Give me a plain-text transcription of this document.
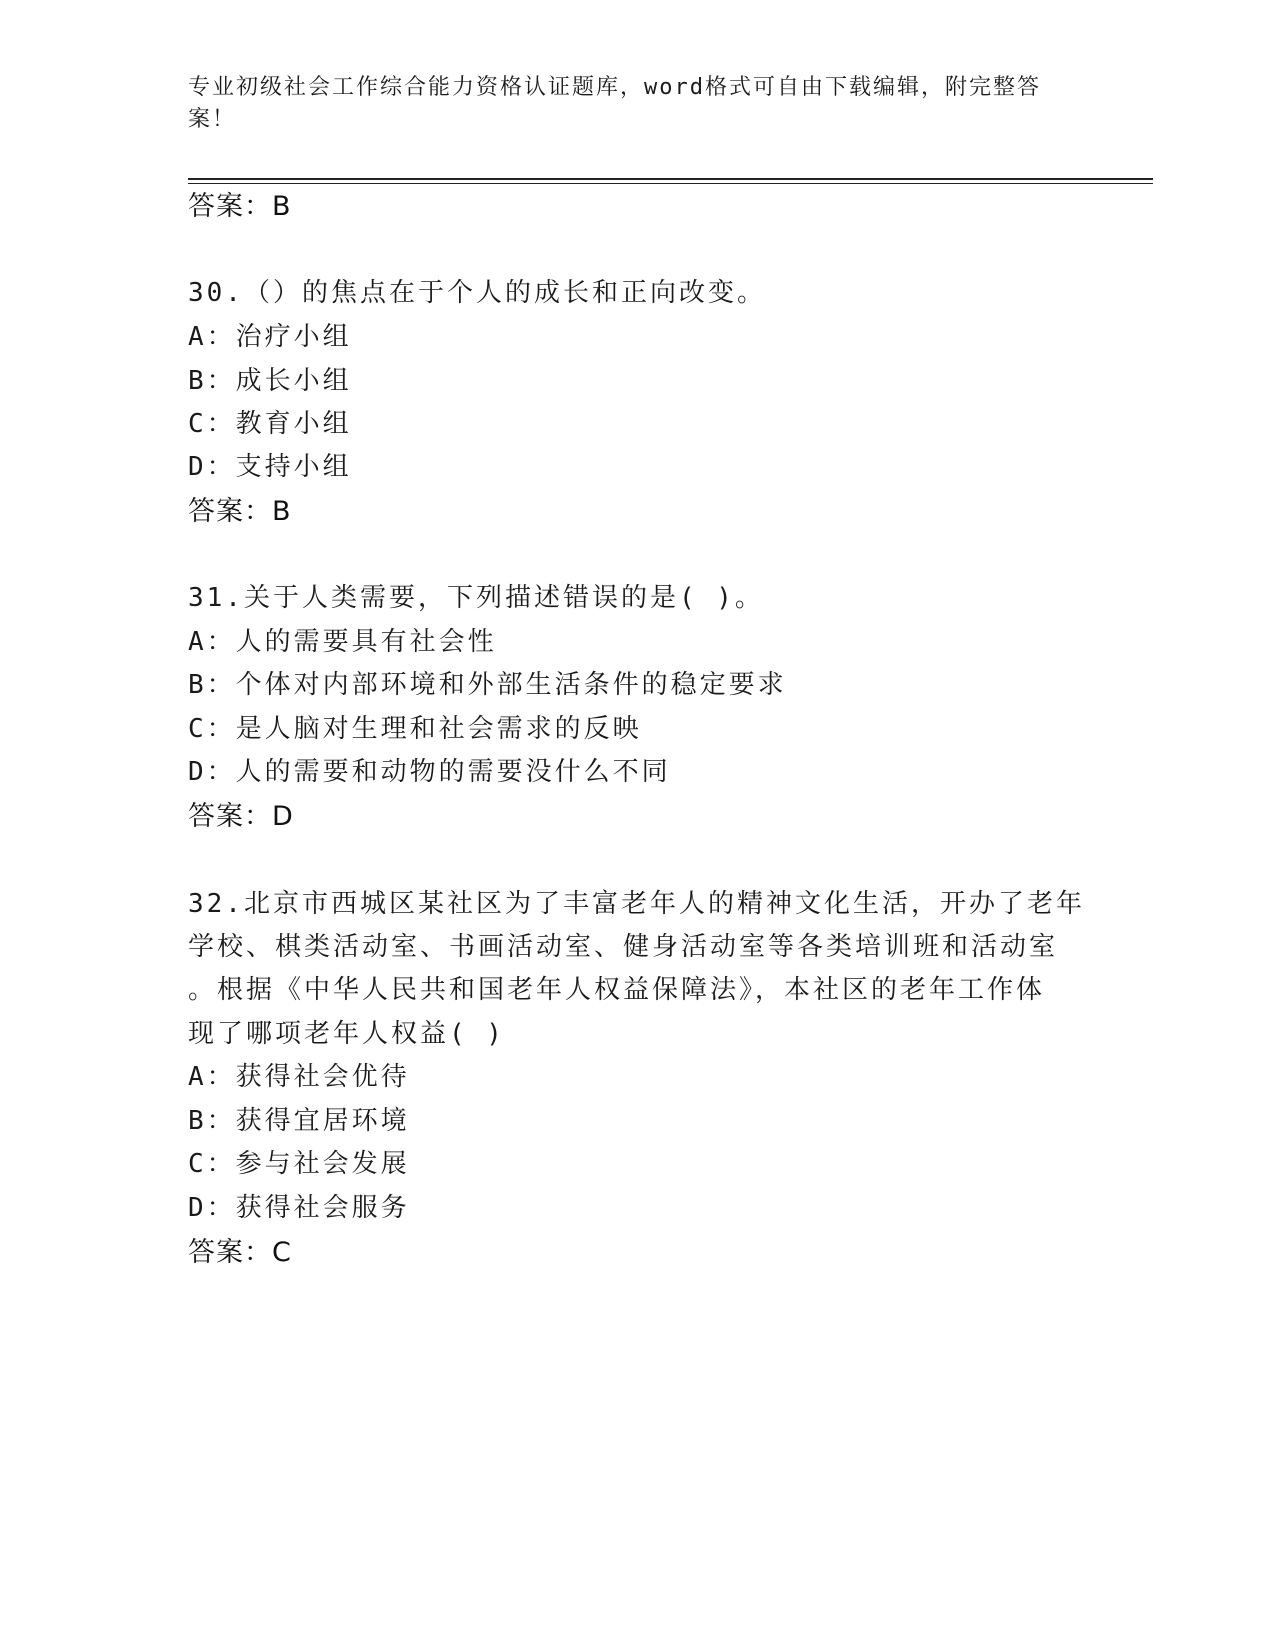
专业初级社会工作综合能力资格认证题库，word格式可自由下载编辑，附完整答案！
答案：B
30.（）的焦点在于个人的成长和正向改变。
A：治疗小组
B：成长小组
C：教育小组
D：支持小组
答案：B
31.关于人类需要，下列描述错误的是( )。
A：人的需要具有社会性
B：个体对内部环境和外部生活条件的稳定要求
C：是人脑对生理和社会需求的反映
D：人的需要和动物的需要没什么不同
答案：D
32.北京市西城区某社区为了丰富老年人的精神文化生活，开办了老年
学校、棋类活动室、书画活动室、健身活动室等各类培训班和活动室
。根据《中华人民共和国老年人权益保障法》，本社区的老年工作体
现了哪项老年人权益( )
A：获得社会优待
B：获得宜居环境
C：参与社会发展
D：获得社会服务
答案：C
